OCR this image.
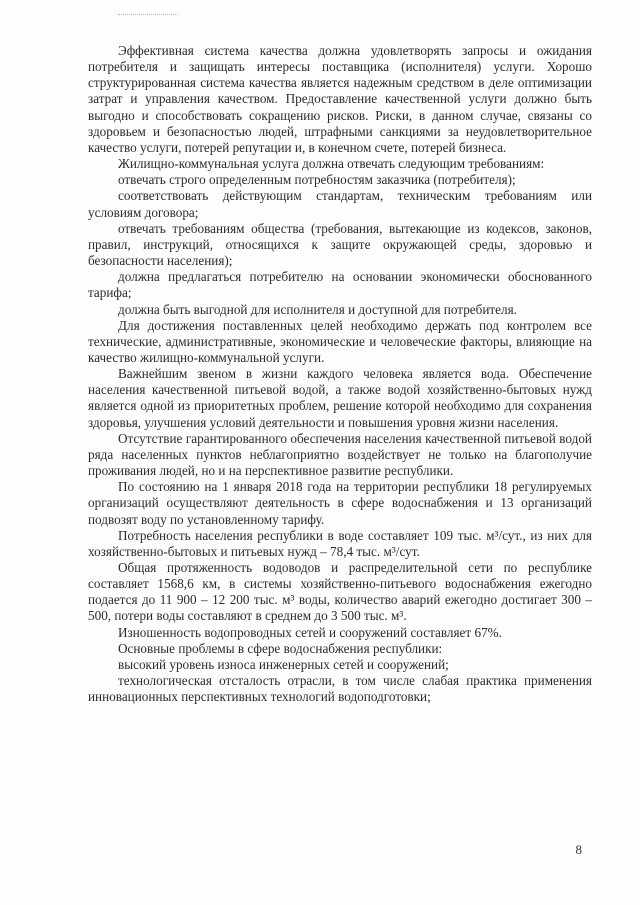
Эффективная система качества должна удовлетворять запросы и ожидания потребителя и защищать интересы поставщика (исполнителя) услуги. Хорошо структурированная система качества является надежным средством в деле оптимизации затрат и управления качеством. Предоставление качественной услуги должно быть выгодно и способствовать сокращению рисков. Риски, в данном случае, связаны со здоровьем и безопасностью людей, штрафными санкциями за неудовлетворительное качество услуги, потерей репутации и, в конечном счете, потерей бизнеса.

Жилищно-коммунальная услуга должна отвечать следующим требованиям:

отвечать строго определенным потребностям заказчика (потребителя);

соответствовать действующим стандартам, техническим требованиям или условиям договора;

отвечать требованиям общества (требования, вытекающие из кодексов, законов, правил, инструкций, относящихся к защите окружающей среды, здоровью и безопасности населения);

должна предлагаться потребителю на основании экономически обоснованного тарифа;

должна быть выгодной для исполнителя и доступной для потребителя.

Для достижения поставленных целей необходимо держать под контролем все технические, административные, экономические и человеческие факторы, влияющие на качество жилищно-коммунальной услуги.

Важнейшим звеном в жизни каждого человека является вода. Обеспечение населения качественной питьевой водой, а также водой хозяйственно-бытовых нужд является одной из приоритетных проблем, решение которой необходимо для сохранения здоровья, улучшения условий деятельности и повышения уровня жизни населения.

Отсутствие гарантированного обеспечения населения качественной питьевой водой ряда населенных пунктов неблагоприятно воздействует не только на благополучие проживания людей, но и на перспективное развитие республики.

По состоянию на 1 января 2018 года на территории республики 18 регулируемых организаций осуществляют деятельность в сфере водоснабжения и 13 организаций подвозят воду по установленному тарифу.

Потребность населения республики в воде составляет 109 тыс. м³/сут., из них для хозяйственно-бытовых и питьевых нужд – 78,4 тыс. м³/сут.

Общая протяженность водоводов и распределительной сети по республике составляет 1568,6 км, в системы хозяйственно-питьевого водоснабжения ежегодно подается до 11 900 – 12 200 тыс. м³ воды, количество аварий ежегодно достигает 300 – 500, потери воды составляют в среднем до 3 500 тыс. м³.

Изношенность водопроводных сетей и сооружений составляет 67%.

Основные проблемы в сфере водоснабжения республики:

высокий уровень износа инженерных сетей и сооружений;

технологическая отсталость отрасли, в том числе слабая практика применения инновационных перспективных технологий водоподготовки;

8
